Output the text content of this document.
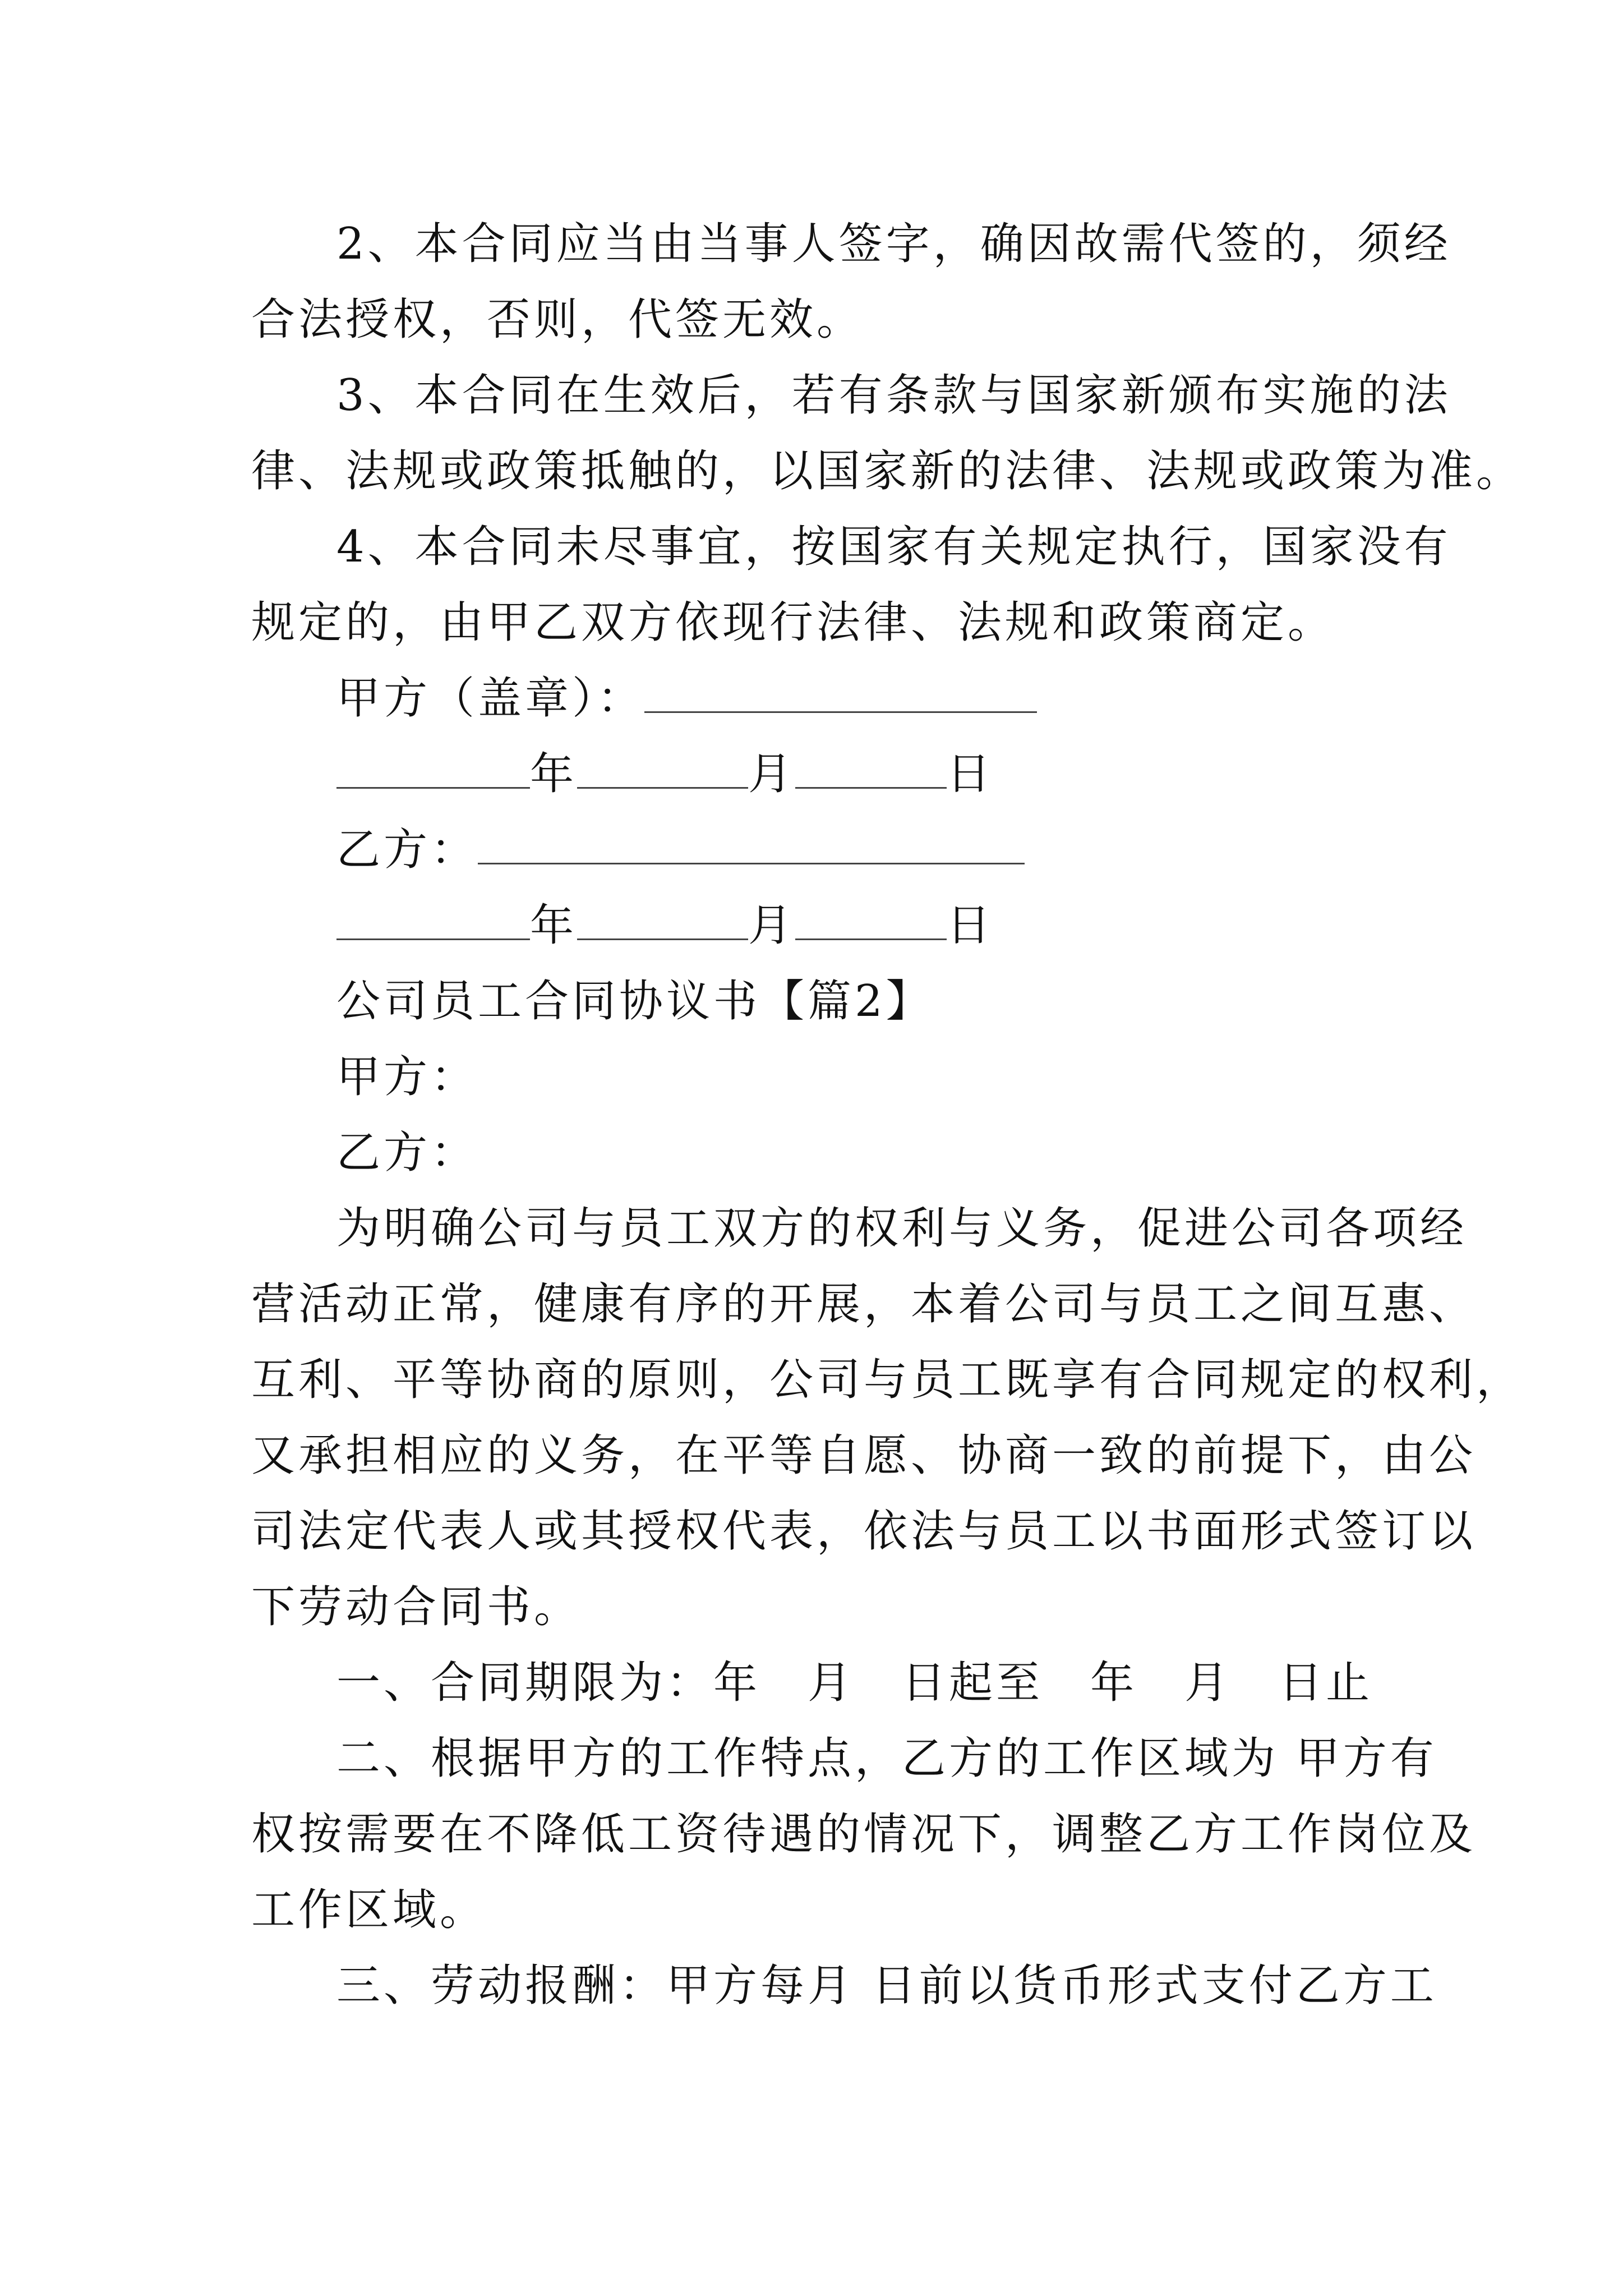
2、本合同应当由当事人签字，确因故需代签的，须经
合法授权，否则，代签无效。
3、本合同在生效后，若有条款与国家新颁布实施的法
律、法规或政策抵触的，以国家新的法律、法规或政策为准。
4、本合同未尽事宜，按国家有关规定执行，国家没有
规定的，由甲乙双方依现行法律、法规和政策商定。
甲方（盖章）：
年	月	日
乙方：
年	月	日
公司员工合同协议书【篇2】
甲方：
乙方：
为明确公司与员工双方的权利与义务，促进公司各项经
营活动正常，健康有序的开展，本着公司与员工之间互惠、
互利、平等协商的原则，公司与员工既享有合同规定的权利，
又承担相应的义务，在平等自愿、协商一致的前提下，由公
司法定代表人或其授权代表，依法与员工以书面形式签订以
下劳动合同书。
一、合同期限为：年　月　日起至　年　月　日止
二、根据甲方的工作特点，乙方的工作区域为 甲方有
权按需要在不降低工资待遇的情况下，调整乙方工作岗位及
工作区域。
三、劳动报酬：甲方每月 日前以货币形式支付乙方工
